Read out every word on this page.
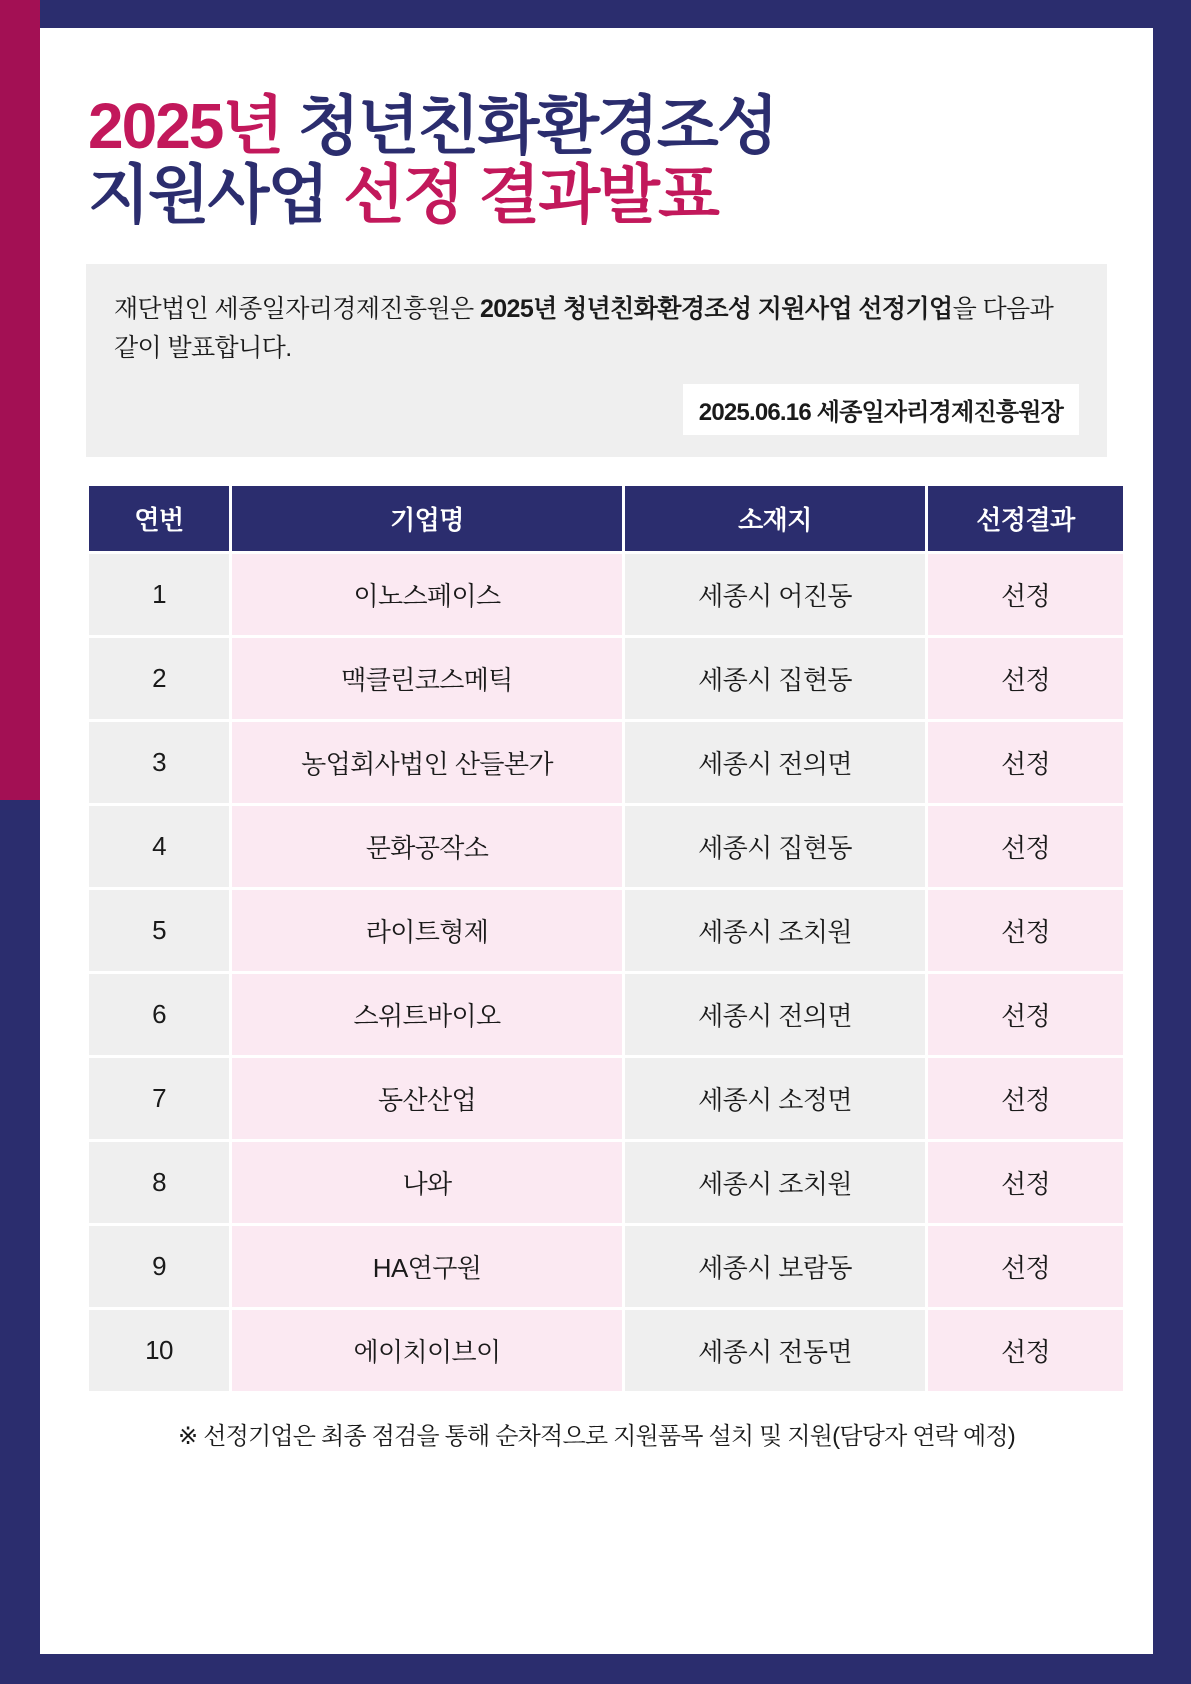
2025년 청년친화환경조성
지원사업 선정 결과발표
재단법인 세종일자리경제진흥원은 2025년 청년친화환경조성 지원사업 선정기업을 다음과 같이 발표합니다.
2025.06.16 세종일자리경제진흥원장
연번	기업명	소재지	선정결과
1	이노스페이스	세종시 어진동	선정
2	맥클린코스메틱	세종시 집현동	선정
3	농업회사법인 산들본가	세종시 전의면	선정
4	문화공작소	세종시 집현동	선정
5	라이트형제	세종시 조치원	선정
6	스위트바이오	세종시 전의면	선정
7	동산산업	세종시 소정면	선정
8	나와	세종시 조치원	선정
9	HA연구원	세종시 보람동	선정
10	에이치이브이	세종시 전동면	선정
※ 선정기업은 최종 점검을 통해 순차적으로 지원품목 설치 및 지원(담당자 연락 예정)
